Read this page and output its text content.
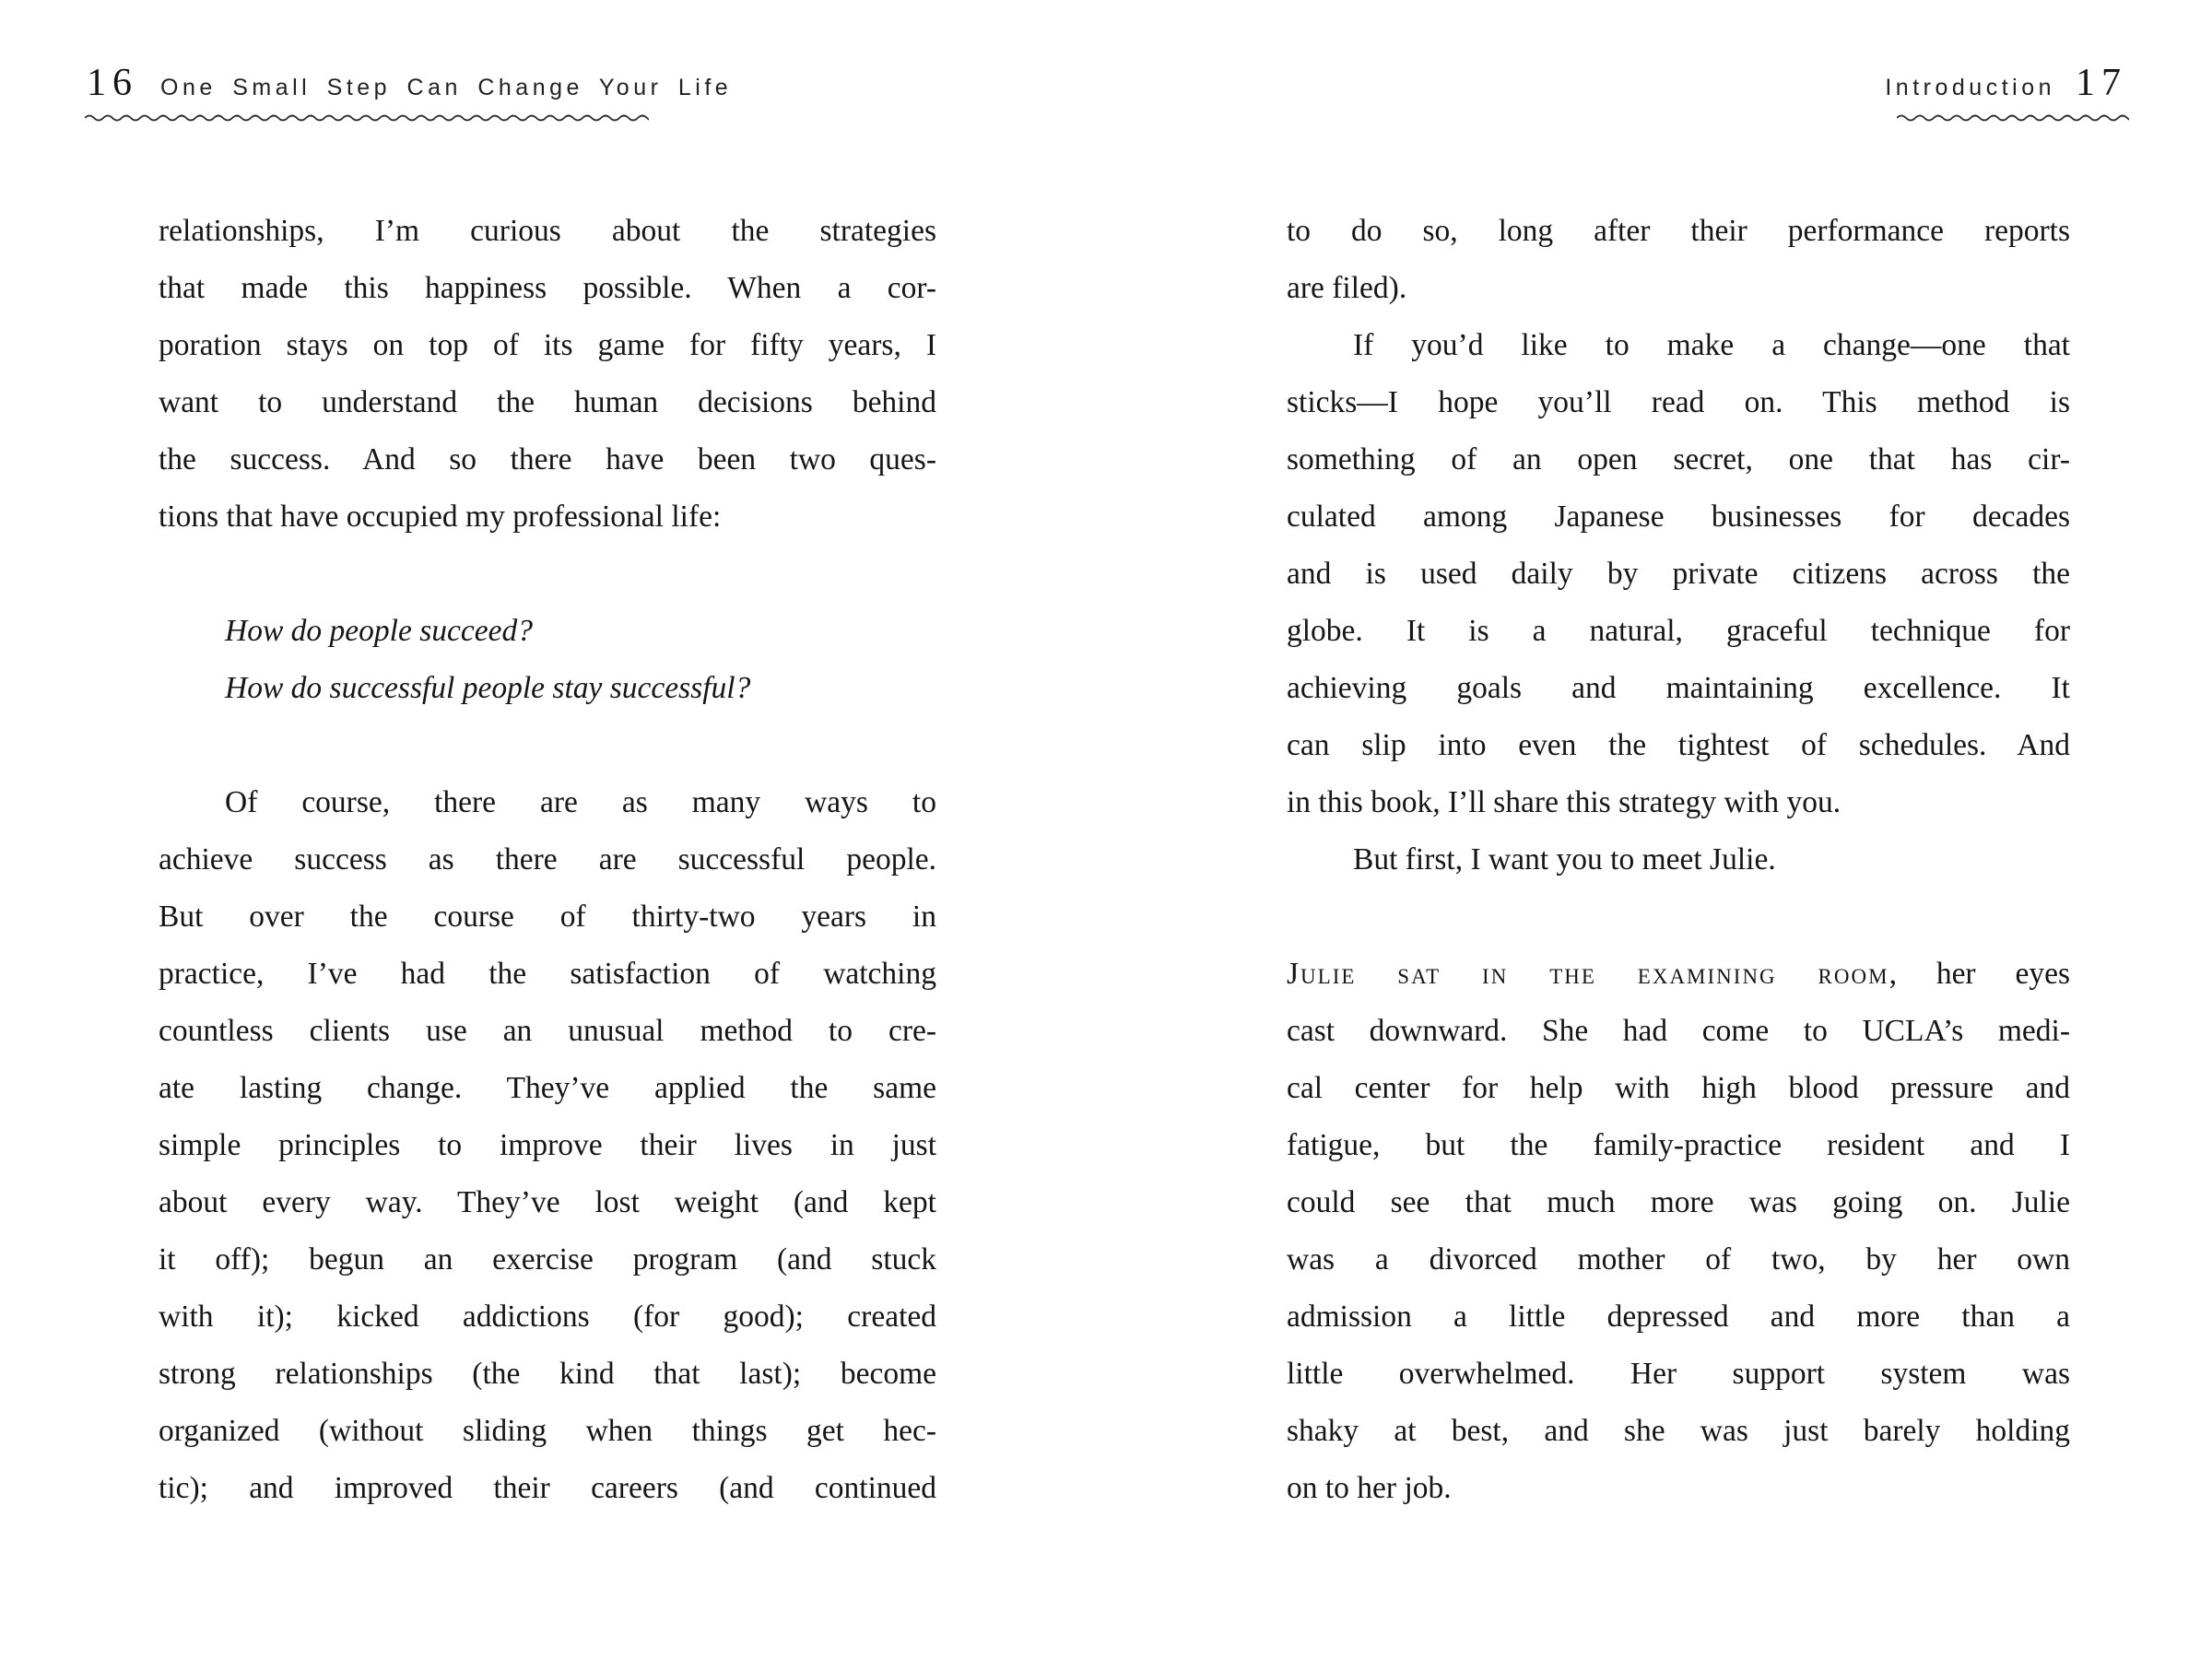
16 One Small Step Can Change Your Life	Introduction 17
relationships, I’m curious about the strategies
that made this happiness possible. When a cor-
poration stays on top of its game for fifty years, I
want to understand the human decisions behind
the success. And so there have been two ques-
tions that have occupied my professional life:
How do people succeed?
How do successful people stay successful?
Of course, there are as many ways to
achieve success as there are successful people.
But over the course of thirty-two years in
practice, I’ve had the satisfaction of watching
countless clients use an unusual method to cre-
ate lasting change. They’ve applied the same
simple principles to improve their lives in just
about every way. They’ve lost weight (and kept
it off); begun an exercise program (and stuck
with it); kicked addictions (for good); created
strong relationships (the kind that last); become
organized (without sliding when things get hec-
tic); and improved their careers (and continued
to do so, long after their performance reports
are filed).
If you’d like to make a change—one that
sticks—I hope you’ll read on. This method is
something of an open secret, one that has cir-
culated among Japanese businesses for decades
and is used daily by private citizens across the
globe. It is a natural, graceful technique for
achieving goals and maintaining excellence. It
can slip into even the tightest of schedules. And
in this book, I’ll share this strategy with you.
But first, I want you to meet Julie.
Julie sat in the examining room, her eyes
cast downward. She had come to UCLA’s medi-
cal center for help with high blood pressure and
fatigue, but the family-practice resident and I
could see that much more was going on. Julie
was a divorced mother of two, by her own
admission a little depressed and more than a
little overwhelmed. Her support system was
shaky at best, and she was just barely holding
on to her job.
